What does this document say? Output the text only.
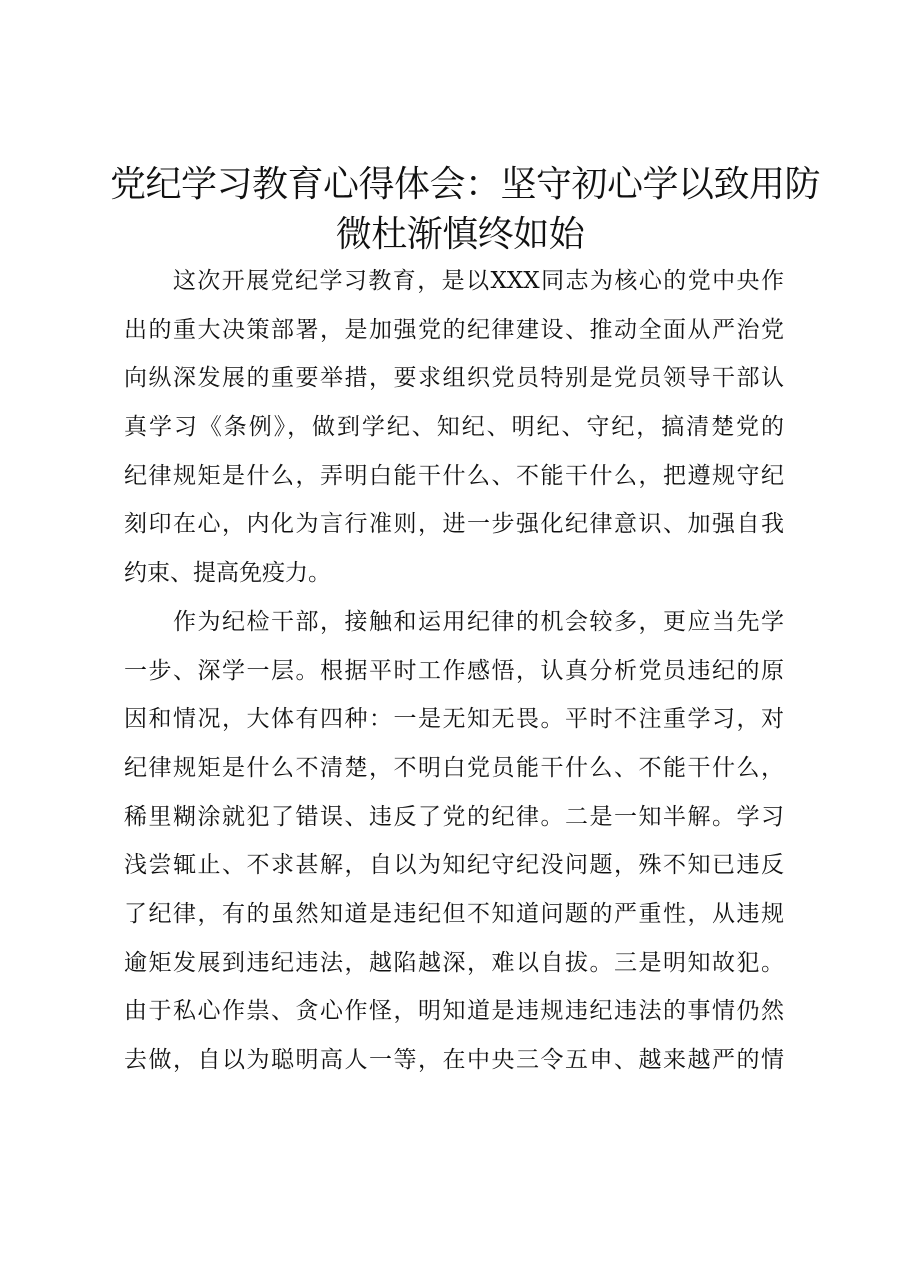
党纪学习教育心得体会：坚守初心学以致用防
微杜渐慎终如始
　　这次开展党纪学习教育，是以XXX同志为核心的党中央作
出的重大决策部署，是加强党的纪律建设、推动全面从严治党
向纵深发展的重要举措，要求组织党员特别是党员领导干部认
真学习《条例》，做到学纪、知纪、明纪、守纪，搞清楚党的
纪律规矩是什么，弄明白能干什么、不能干什么，把遵规守纪
刻印在心，内化为言行准则，进一步强化纪律意识、加强自我
约束、提高免疫力。
　　作为纪检干部，接触和运用纪律的机会较多，更应当先学
一步、深学一层。根据平时工作感悟，认真分析党员违纪的原
因和情况，大体有四种：一是无知无畏。平时不注重学习，对
纪律规矩是什么不清楚，不明白党员能干什么、不能干什么，
稀里糊涂就犯了错误、违反了党的纪律。二是一知半解。学习
浅尝辄止、不求甚解，自以为知纪守纪没问题，殊不知已违反
了纪律，有的虽然知道是违纪但不知道问题的严重性，从违规
逾矩发展到违纪违法，越陷越深，难以自拔。三是明知故犯。
由于私心作祟、贪心作怪，明知道是违规违纪违法的事情仍然
去做，自以为聪明高人一等，在中央三令五申、越来越严的情
